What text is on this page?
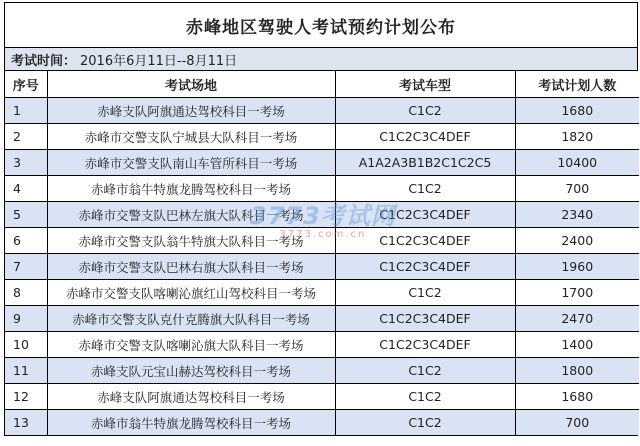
赤峰地区驾驶人考试预约计划公布
考试时间： 2016年6月11日--8月11日
序号	考试场地	考试车型	考试计划人数
1	赤峰支队阿旗通达驾校科目一考场	C1C2	1680
2	赤峰市交警支队宁城县大队科目一考场	C1C2C3C4DEF	1820
3	赤峰市交警支队南山车管所科目一考场	A1A2A3B1B2C1C2C5	10400
4	赤峰市翁牛特旗龙腾驾校科目一考场	C1C2	700
5	赤峰市交警支队巴林左旗大队科目一考场	C1C2C3C4DEF	2340
6	赤峰市交警支队翁牛特旗大队科目一考场	C1C2C3C4DEF	2400
7	赤峰市交警支队巴林右旗大队科目一考场	C1C2C3C4DEF	1960
8	赤峰市交警支队喀喇沁旗红山驾校科目一考场	C1C2	1700
9	赤峰市交警支队克什克腾旗大队科目一考场	C1C2C3C4DEF	2470
10	赤峰市交警支队喀喇沁旗大队科目一考场	C1C2C3C4DEF	1400
11	赤峰支队元宝山赫达驾校科目一考场	C1C2	1800
12	赤峰支队阿旗通达驾校科目一考场	C1C2	1680
13	赤峰市翁牛特旗龙腾驾校科目一考场	C1C2	700
3773考试网
3773.com.cn
